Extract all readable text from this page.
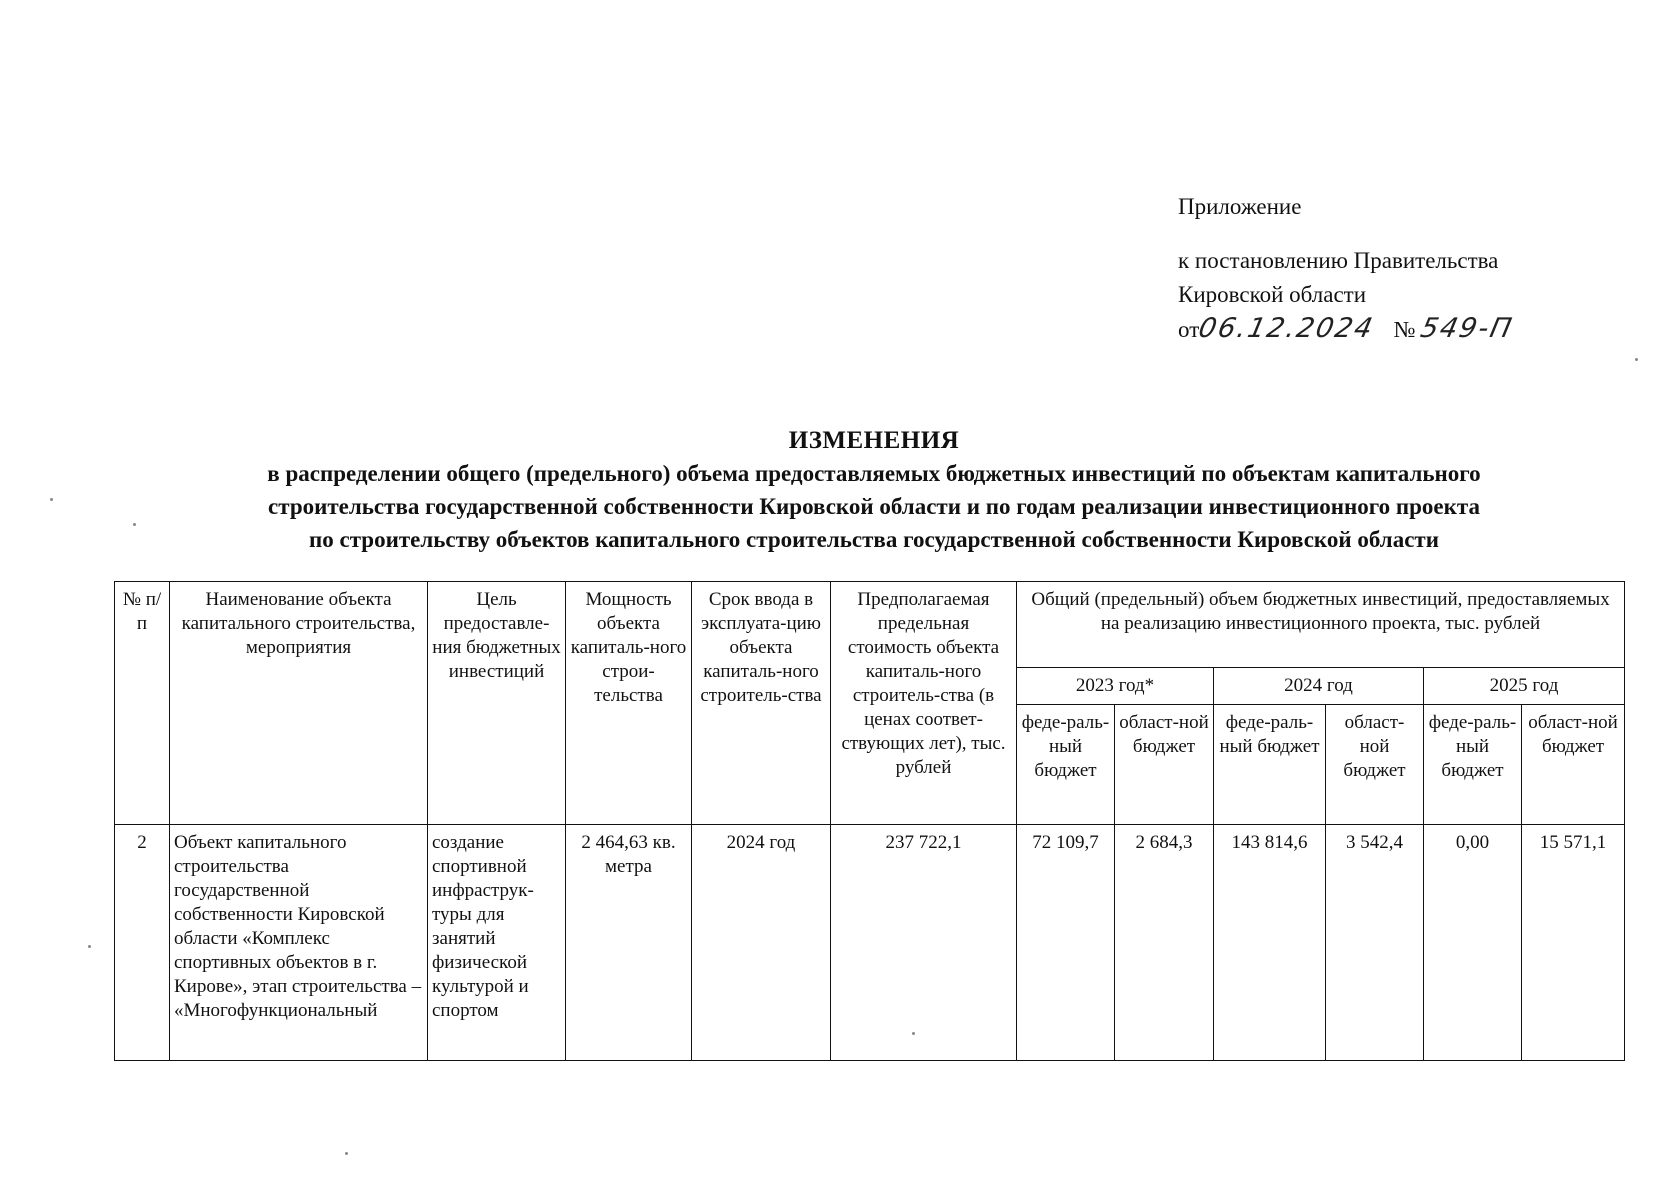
Приложение
к постановлению Правительства
Кировской области
от06.12.2024 № 549-П
ИЗМЕНЕНИЯ
в распределении общего (предельного) объема предоставляемых бюджетных инвестиций по объектам капитального
строительства государственной собственности Кировской области и по годам реализации инвестиционного проекта
по строительству объектов капитального строительства государственной собственности Кировской области
№ п/п	Наименование объекта капитального строительства, мероприятия	Цель предоставле-ния бюджетных инвестиций	Мощность объекта капиталь-ного строи-тельства	Срок ввода в эксплуата-цию объекта капиталь-ного строитель-ства	Предполагаемая предельная стоимость объекта капиталь-ного строитель-ства (в ценах соответ-ствующих лет), тыс. рублей	Общий (предельный) объем бюджетных инвестиций, предоставляемых на реализацию инвестиционного проекта, тыс. рублей					
						2023 год*		2024 год		2025 год	
						феде-раль-ный бюджет	област-ной бюджет	феде-раль-ный бюджет	област-ной бюджет	феде-раль-ный бюджет	област-ной бюджет
2	Объект капитального строительства государственной собственности Кировской области «Комплекс спортивных объектов в г. Кирове», этап строительства – «Многофункциональный	создание спортивной инфраструк-туры для занятий физической культурой и спортом	2 464,63 кв. метра	2024 год	237 722,1	72 109,7	2 684,3	143 814,6	3 542,4	0,00	15 571,1
